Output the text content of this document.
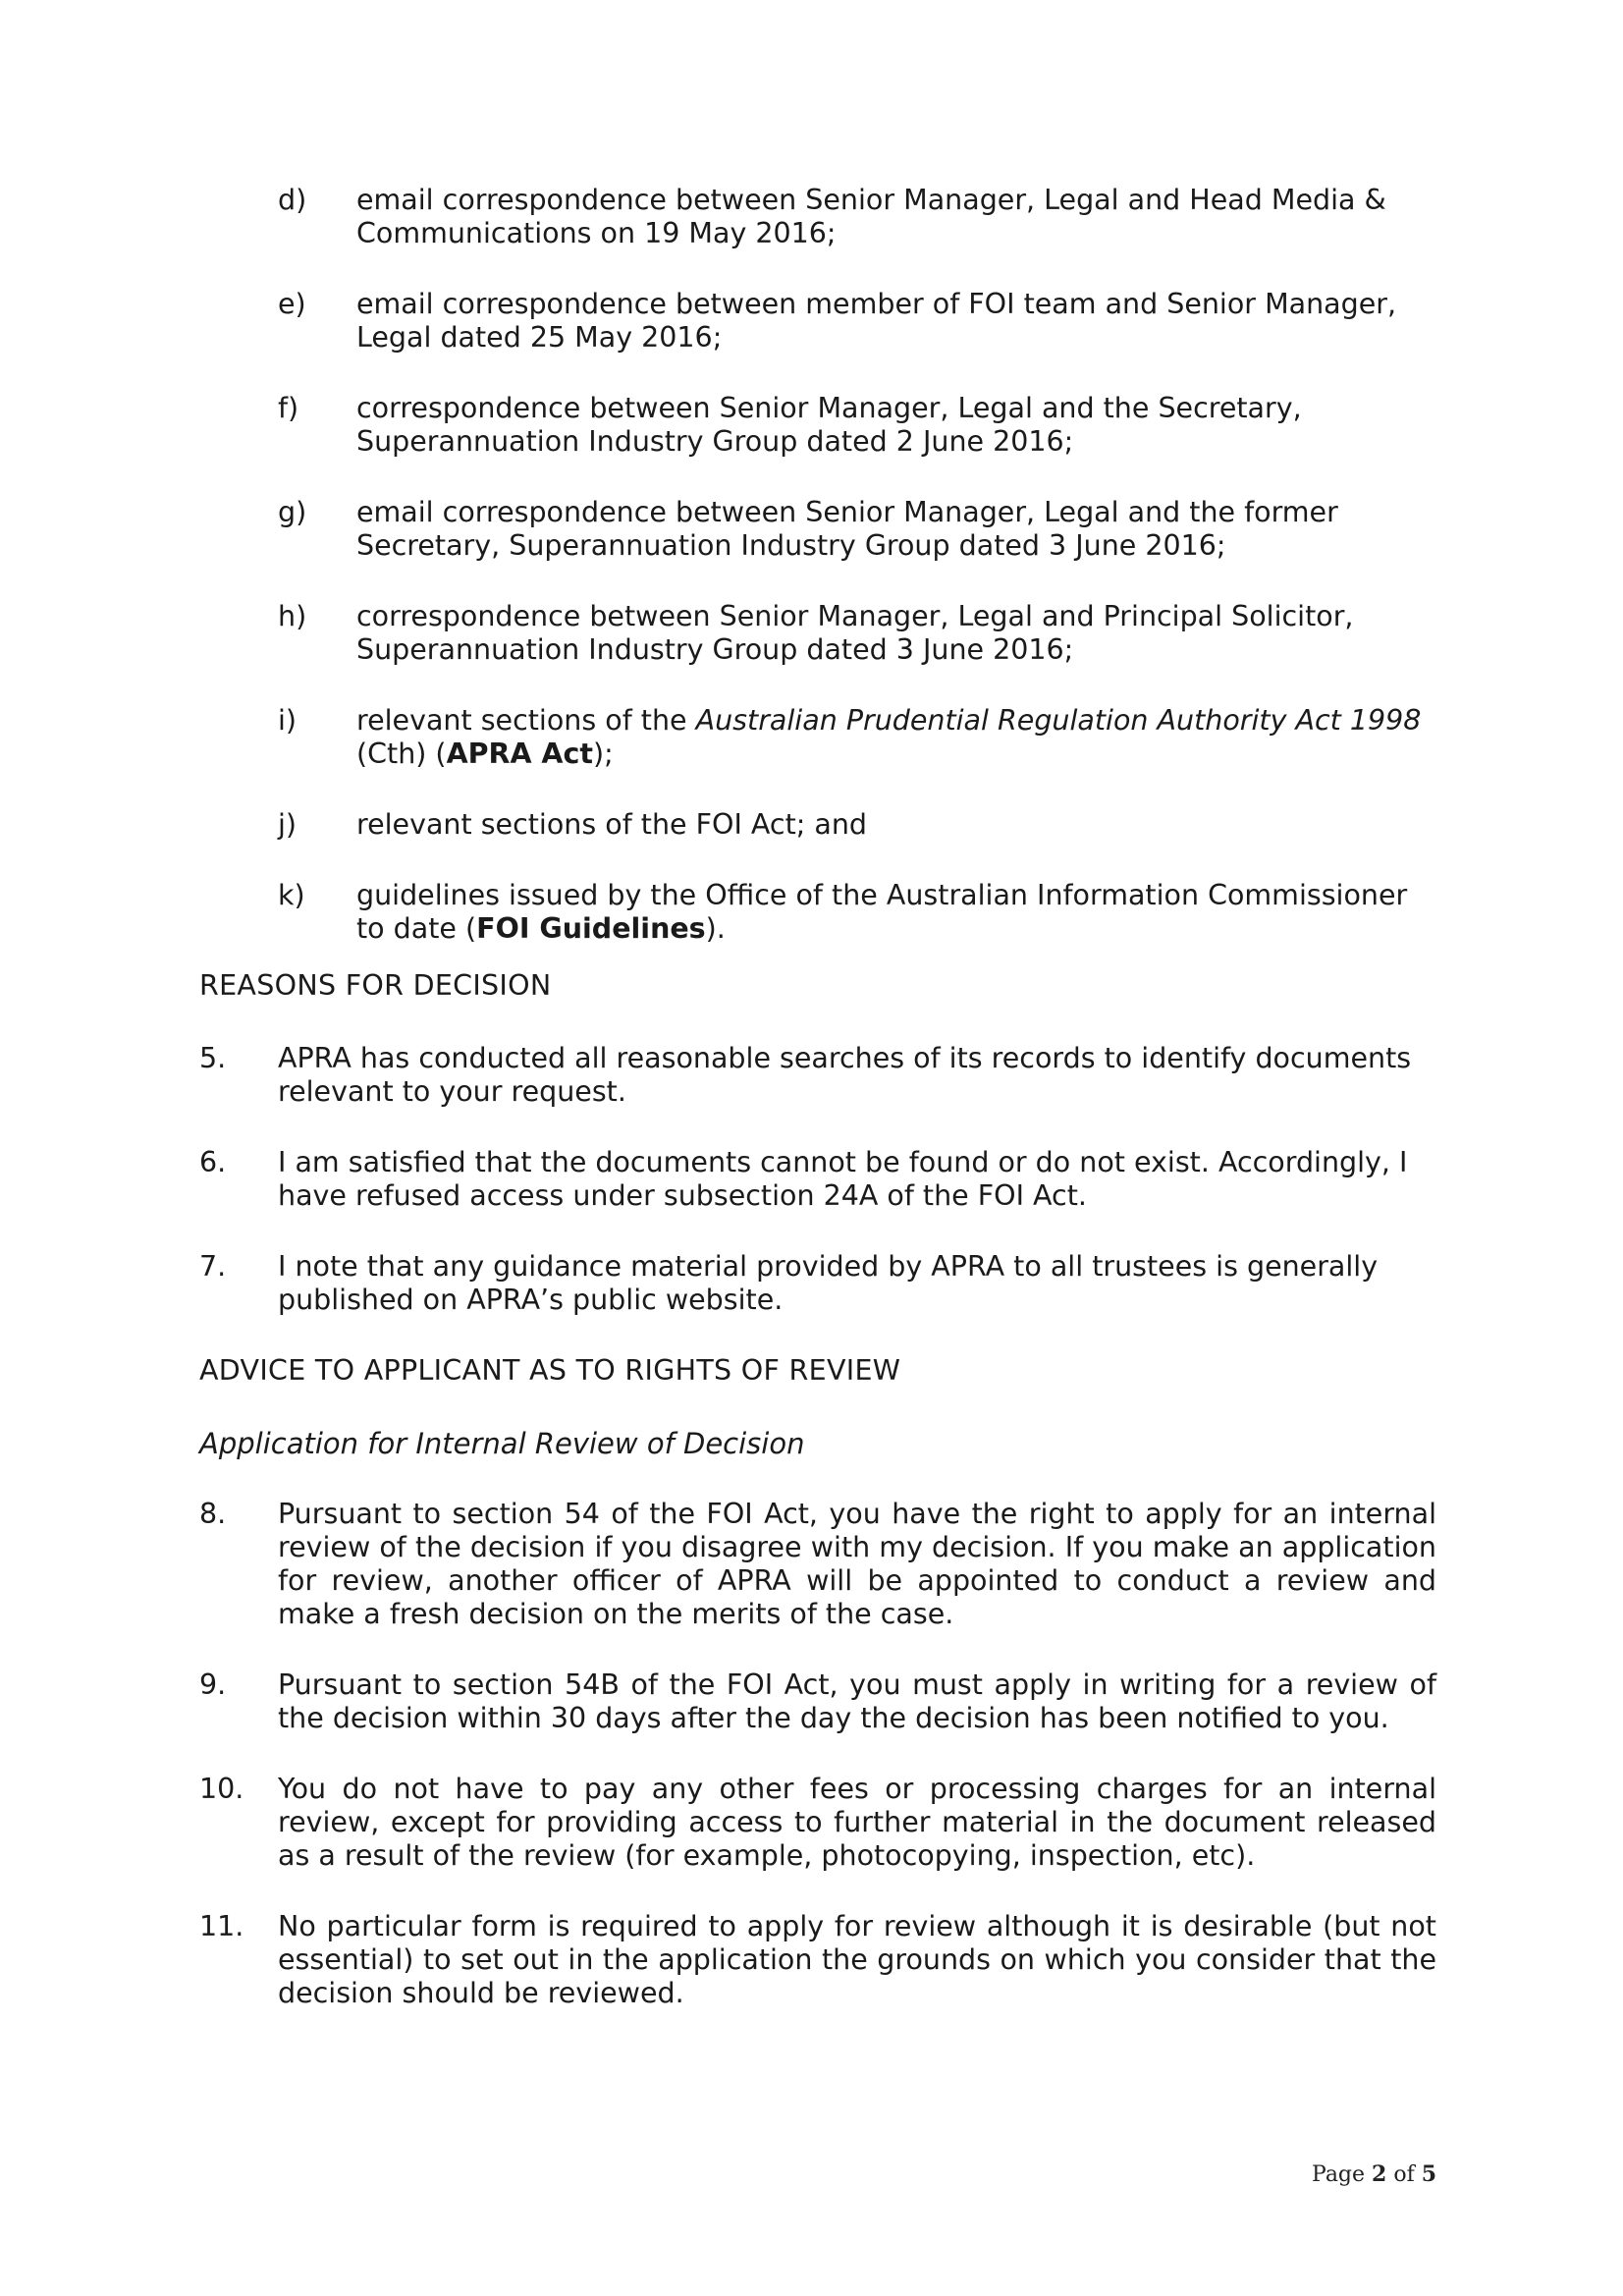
d) email correspondence between Senior Manager, Legal and Head Media & Communications on 19 May 2016;
e) email correspondence between member of FOI team and Senior Manager, Legal dated 25 May 2016;
f) correspondence between Senior Manager, Legal and the Secretary, Superannuation Industry Group dated 2 June 2016;
g) email correspondence between Senior Manager, Legal and the former Secretary, Superannuation Industry Group dated 3 June 2016;
h) correspondence between Senior Manager, Legal and Principal Solicitor, Superannuation Industry Group dated 3 June 2016;
i) relevant sections of the Australian Prudential Regulation Authority Act 1998 (Cth) (APRA Act);
j) relevant sections of the FOI Act; and
k) guidelines issued by the Office of the Australian Information Commissioner to date (FOI Guidelines).
REASONS FOR DECISION
5. APRA has conducted all reasonable searches of its records to identify documents relevant to your request.
6. I am satisfied that the documents cannot be found or do not exist. Accordingly, I have refused access under subsection 24A of the FOI Act.
7. I note that any guidance material provided by APRA to all trustees is generally published on APRA’s public website.
ADVICE TO APPLICANT AS TO RIGHTS OF REVIEW
Application for Internal Review of Decision
8. Pursuant to section 54 of the FOI Act, you have the right to apply for an internal review of the decision if you disagree with my decision. If you make an application for review, another officer of APRA will be appointed to conduct a review and make a fresh decision on the merits of the case.
9. Pursuant to section 54B of the FOI Act, you must apply in writing for a review of the decision within 30 days after the day the decision has been notified to you.
10. You do not have to pay any other fees or processing charges for an internal review, except for providing access to further material in the document released as a result of the review (for example, photocopying, inspection, etc).
11. No particular form is required to apply for review although it is desirable (but not essential) to set out in the application the grounds on which you consider that the decision should be reviewed.
Page 2 of 5
